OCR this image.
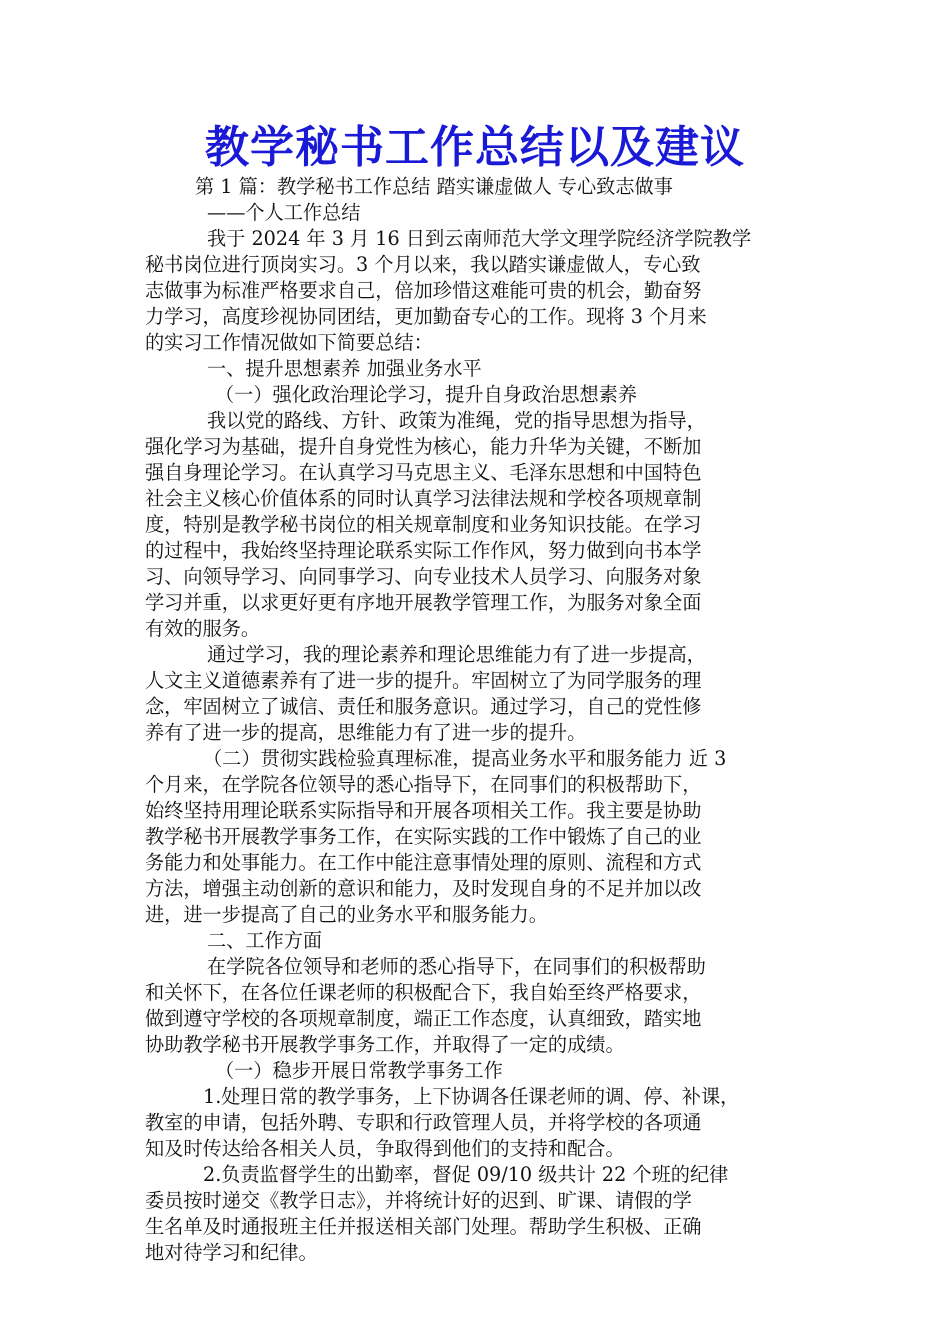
教学秘书工作总结以及建议

第 1 篇：教学秘书工作总结 踏实谦虚做人 专心致志做事

——个人工作总结

我于 2024 年 3 月 16 日到云南师范大学文理学院经济学院教学

秘书岗位进行顶岗实习。3 个月以来，我以踏实谦虚做人，专心致

志做事为标准严格要求自己，倍加珍惜这难能可贵的机会，勤奋努

力学习，高度珍视协同团结，更加勤奋专心的工作。现将 3 个月来

的实习工作情况做如下简要总结：

一、提升思想素养 加强业务水平

（一）强化政治理论学习，提升自身政治思想素养

我以党的路线、方针、政策为准绳，党的指导思想为指导，

强化学习为基础，提升自身党性为核心，能力升华为关键，不断加

强自身理论学习。在认真学习马克思主义、毛泽东思想和中国特色

社会主义核心价值体系的同时认真学习法律法规和学校各项规章制

度，特别是教学秘书岗位的相关规章制度和业务知识技能。在学习

的过程中，我始终坚持理论联系实际工作作风，努力做到向书本学

习、向领导学习、向同事学习、向专业技术人员学习、向服务对象

学习并重，以求更好更有序地开展教学管理工作，为服务对象全面

有效的服务。

通过学习，我的理论素养和理论思维能力有了进一步提高，

人文主义道德素养有了进一步的提升。牢固树立了为同学服务的理

念，牢固树立了诚信、责任和服务意识。通过学习，自己的党性修

养有了进一步的提高，思维能力有了进一步的提升。

（二）贯彻实践检验真理标准，提高业务水平和服务能力 近 3

个月来，在学院各位领导的悉心指导下，在同事们的积极帮助下，

始终坚持用理论联系实际指导和开展各项相关工作。我主要是协助

教学秘书开展教学事务工作，在实际实践的工作中锻炼了自己的业

务能力和处事能力。在工作中能注意事情处理的原则、流程和方式

方法，增强主动创新的意识和能力，及时发现自身的不足并加以改

进，进一步提高了自己的业务水平和服务能力。

二、工作方面

在学院各位领导和老师的悉心指导下，在同事们的积极帮助

和关怀下，在各位任课老师的积极配合下，我自始至终严格要求，

做到遵守学校的各项规章制度，端正工作态度，认真细致，踏实地

协助教学秘书开展教学事务工作，并取得了一定的成绩。

（一）稳步开展日常教学事务工作

1.处理日常的教学事务，上下协调各任课老师的调、停、补课，

教室的申请，包括外聘、专职和行政管理人员，并将学校的各项通

知及时传达给各相关人员，争取得到他们的支持和配合。

2.负责监督学生的出勤率，督促 09/10 级共计 22 个班的纪律

委员按时递交《教学日志》，并将统计好的迟到、旷课、请假的学

生名单及时通报班主任并报送相关部门处理。帮助学生积极、正确

地对待学习和纪律。
